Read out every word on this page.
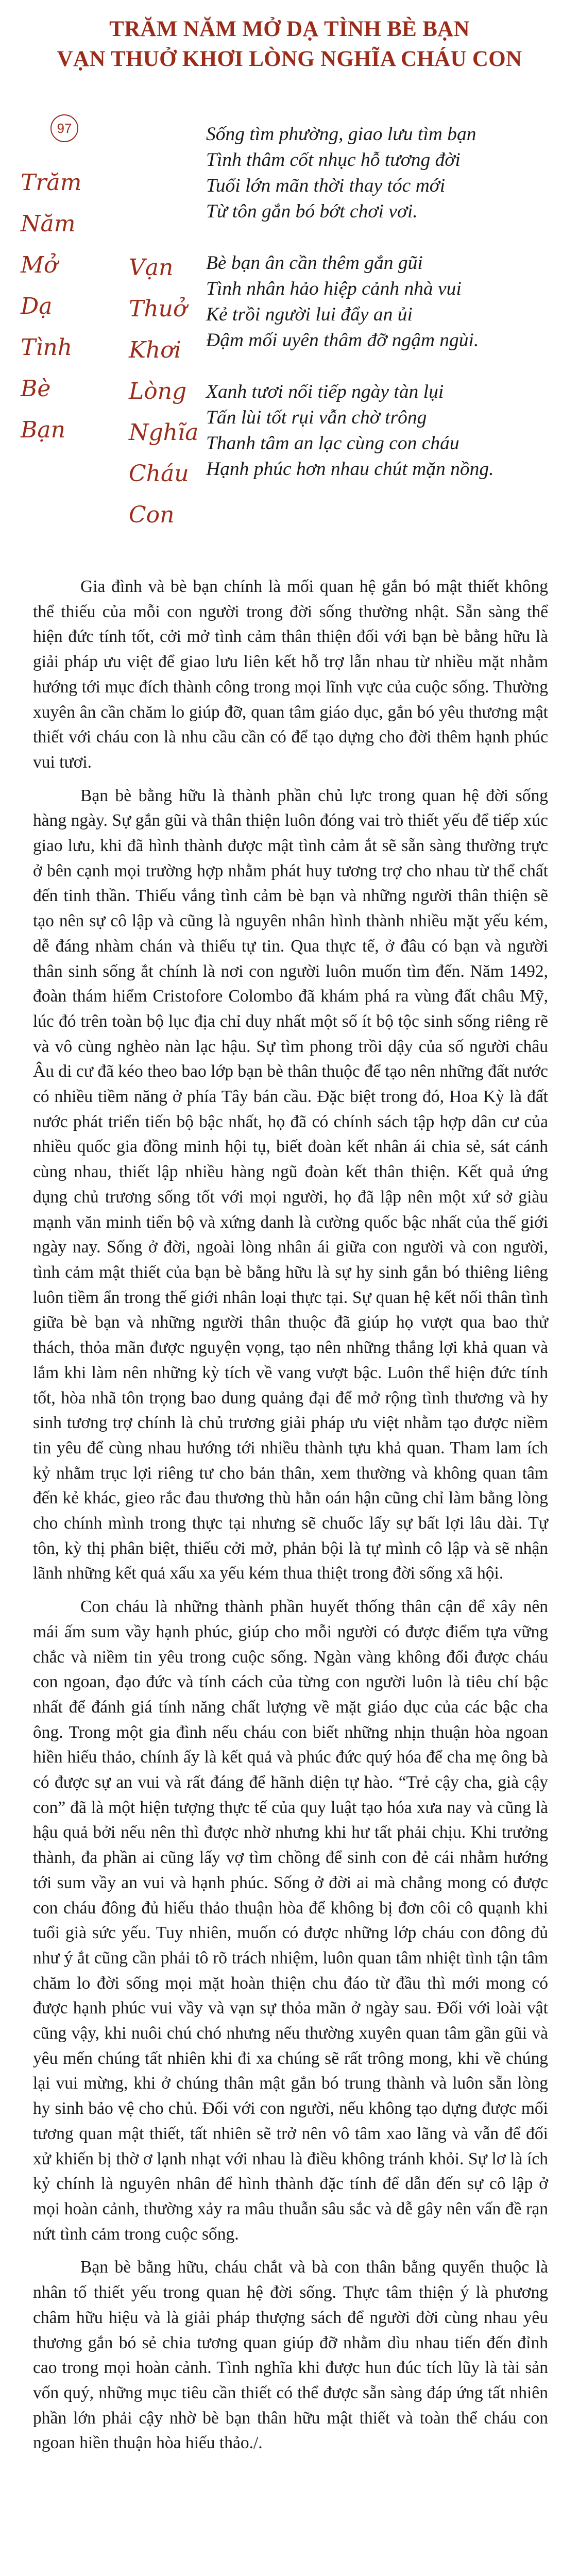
TRĂM NĂM MỞ DẠ TÌNH BÈ BẠN
VẠN THUỞ KHƠI LÒNG NGHĨA CHÁU CON
97
Trăm
Năm
Mở
Dạ
Tình
Bè
Bạn
Vạn
Thuở
Khơi
Lòng
Nghĩa
Cháu
Con
Sống tìm phường, giao lưu tìm bạn
Tình thâm cốt nhục hỗ tương đời
Tuổi lớn mãn thời thay tóc mới
Từ tôn gắn bó bớt chơi vơi.
Bè bạn ân cần thêm gắn gũi
Tình nhân hảo hiệp cảnh nhà vui
Kẻ trồi người lui đẩy an ủi
Đậm mối uyên thâm đỡ ngậm ngùi.
Xanh tươi nối tiếp ngày tàn lụi
Tấn lùi tốt rụi vẫn chờ trông
Thanh tâm an lạc cùng con cháu
Hạnh phúc hơn nhau chút mặn nồng.

Gia đình và bè bạn chính là mối quan hệ gắn bó mật thiết không thể thiếu của mỗi con người trong đời sống thường nhật. Sẵn sàng thể hiện đức tính tốt, cởi mở tình cảm thân thiện đối với bạn bè bằng hữu là giải pháp ưu việt để giao lưu liên kết hỗ trợ lẫn nhau từ nhiều mặt nhằm hướng tới mục đích thành công trong mọi lĩnh vực của cuộc sống. Thường xuyên ân cần chăm lo giúp đỡ, quan tâm giáo dục, gắn bó yêu thương mật thiết với cháu con là nhu cầu cần có để tạo dựng cho đời thêm hạnh phúc vui tươi.

Bạn bè bằng hữu là thành phần chủ lực trong quan hệ đời sống hàng ngày. Sự gắn gũi và thân thiện luôn đóng vai trò thiết yếu để tiếp xúc giao lưu, khi đã hình thành được mật tình cảm ắt sẽ sẵn sàng thường trực ở bên cạnh mọi trường hợp nhằm phát huy tương trợ cho nhau từ thể chất đến tinh thần. Thiếu vắng tình cảm bè bạn và những người thân thiện sẽ tạo nên sự cô lập và cũng là nguyên nhân hình thành nhiều mặt yếu kém, dễ đáng nhàm chán và thiếu tự tin. Qua thực tế, ở đâu có bạn và người thân sinh sống ắt chính là nơi con người luôn muốn tìm đến. Năm 1492, đoàn thám hiểm Cristofore Colombo đã khám phá ra vùng đất châu Mỹ, lúc đó trên toàn bộ lục địa chỉ duy nhất một số ít bộ tộc sinh sống riêng rẽ và vô cùng nghèo nàn lạc hậu. Sự tìm phong trồi dậy của số người châu Âu di cư đã kéo theo bao lớp bạn bè thân thuộc để tạo nên những đất nước có nhiều tiềm năng ở phía Tây bán cầu. Đặc biệt trong đó, Hoa Kỳ là đất nước phát triển tiến bộ bậc nhất, họ đã có chính sách tập hợp dân cư của nhiều quốc gia đồng minh hội tụ, biết đoàn kết nhân ái chia sẻ, sát cánh cùng nhau, thiết lập nhiều hàng ngũ đoàn kết thân thiện. Kết quả ứng dụng chủ trương sống tốt với mọi người, họ đã lập nên một xứ sở giàu mạnh văn minh tiến bộ và xứng danh là cường quốc bậc nhất của thế giới ngày nay. Sống ở đời, ngoài lòng nhân ái giữa con người và con người, tình cảm mật thiết của bạn bè bằng hữu là sự hy sinh gắn bó thiêng liêng luôn tiềm ẩn trong thế giới nhân loại thực tại. Sự quan hệ kết nối thân tình giữa bè bạn và những người thân thuộc đã giúp họ vượt qua bao thử thách, thỏa mãn được nguyện vọng, tạo nên những thắng lợi khả quan và lắm khi làm nên những kỳ tích về vang vượt bậc. Luôn thể hiện đức tính tốt, hòa nhã tôn trọng bao dung quảng đại để mở rộng tình thương và hy sinh tương trợ chính là chủ trương giải pháp ưu việt nhằm tạo được niềm tin yêu để cùng nhau hướng tới nhiều thành tựu khả quan. Tham lam ích kỷ nhằm trục lợi riêng tư cho bản thân, xem thường và không quan tâm đến kẻ khác, gieo rắc đau thương thù hằn oán hận cũng chỉ làm bằng lòng cho chính mình trong thực tại nhưng sẽ chuốc lấy sự bất lợi lâu dài. Tự tôn, kỳ thị phân biệt, thiếu cởi mở, phản bội là tự mình cô lập và sẽ nhận lãnh những kết quả xấu xa yếu kém thua thiệt trong đời sống xã hội.

Con cháu là những thành phần huyết thống thân cận để xây nên mái ấm sum vầy hạnh phúc, giúp cho mỗi người có được điểm tựa vững chắc và niềm tin yêu trong cuộc sống. Ngàn vàng không đổi được cháu con ngoan, đạo đức và tính cách của từng con người luôn là tiêu chí bậc nhất để đánh giá tính năng chất lượng về mặt giáo dục của các bậc cha ông. Trong một gia đình nếu cháu con biết những nhịn thuận hòa ngoan hiền hiếu thảo, chính ấy là kết quả và phúc đức quý hóa để cha mẹ ông bà có được sự an vui và rất đáng để hãnh diện tự hào. “Trẻ cậy cha, già cậy con” đã là một hiện tượng thực tế của quy luật tạo hóa xưa nay và cũng là hậu quả bởi nếu nên thì được nhờ nhưng khi hư tất phải chịu. Khi trưởng thành, đa phần ai cũng lấy vợ tìm chồng để sinh con đẻ cái nhằm hướng tới sum vầy an vui và hạnh phúc. Sống ở đời ai mà chẳng mong có được con cháu đông đủ hiếu thảo thuận hòa để không bị đơn côi cô quạnh khi tuổi già sức yếu. Tuy nhiên, muốn có được những lớp cháu con đông đủ như ý ắt cũng cần phải tô rõ trách nhiệm, luôn quan tâm nhiệt tình tận tâm chăm lo đời sống mọi mặt hoàn thiện chu đáo từ đầu thì mới mong có được hạnh phúc vui vầy và vạn sự thỏa mãn ở ngày sau. Đối với loài vật cũng vậy, khi nuôi chú chó nhưng nếu thường xuyên quan tâm gần gũi và yêu mến chúng tất nhiên khi đi xa chúng sẽ rất trông mong, khi về chúng lại vui mừng, khi ở chúng thân mật gắn bó trung thành và luôn sẵn lòng hy sinh bảo vệ cho chủ. Đối với con người, nếu không tạo dựng được mối tương quan mật thiết, tất nhiên sẽ trở nên vô tâm xao lãng và vẫn để đối xử khiến bị thờ ơ lạnh nhạt với nhau là điều không tránh khỏi. Sự lơ là ích kỷ chính là nguyên nhân để hình thành đặc tính để dẫn đến sự cô lập ở mọi hoàn cảnh, thường xảy ra mâu thuẫn sâu sắc và dễ gây nên vấn đề rạn nứt tình cảm trong cuộc sống.

Bạn bè bằng hữu, cháu chắt và bà con thân bằng quyến thuộc là nhân tố thiết yếu trong quan hệ đời sống. Thực tâm thiện ý là phương châm hữu hiệu và là giải pháp thượng sách để người đời cùng nhau yêu thương gắn bó sẻ chia tương quan giúp đỡ nhằm dìu nhau tiến đến đỉnh cao trong mọi hoàn cảnh. Tình nghĩa khi được hun đúc tích lũy là tài sản vốn quý, những mục tiêu cần thiết có thể được sẵn sàng đáp ứng tất nhiên phần lớn phải cậy nhờ bè bạn thân hữu mật thiết và toàn thể cháu con ngoan hiền thuận hòa hiếu thảo./.
